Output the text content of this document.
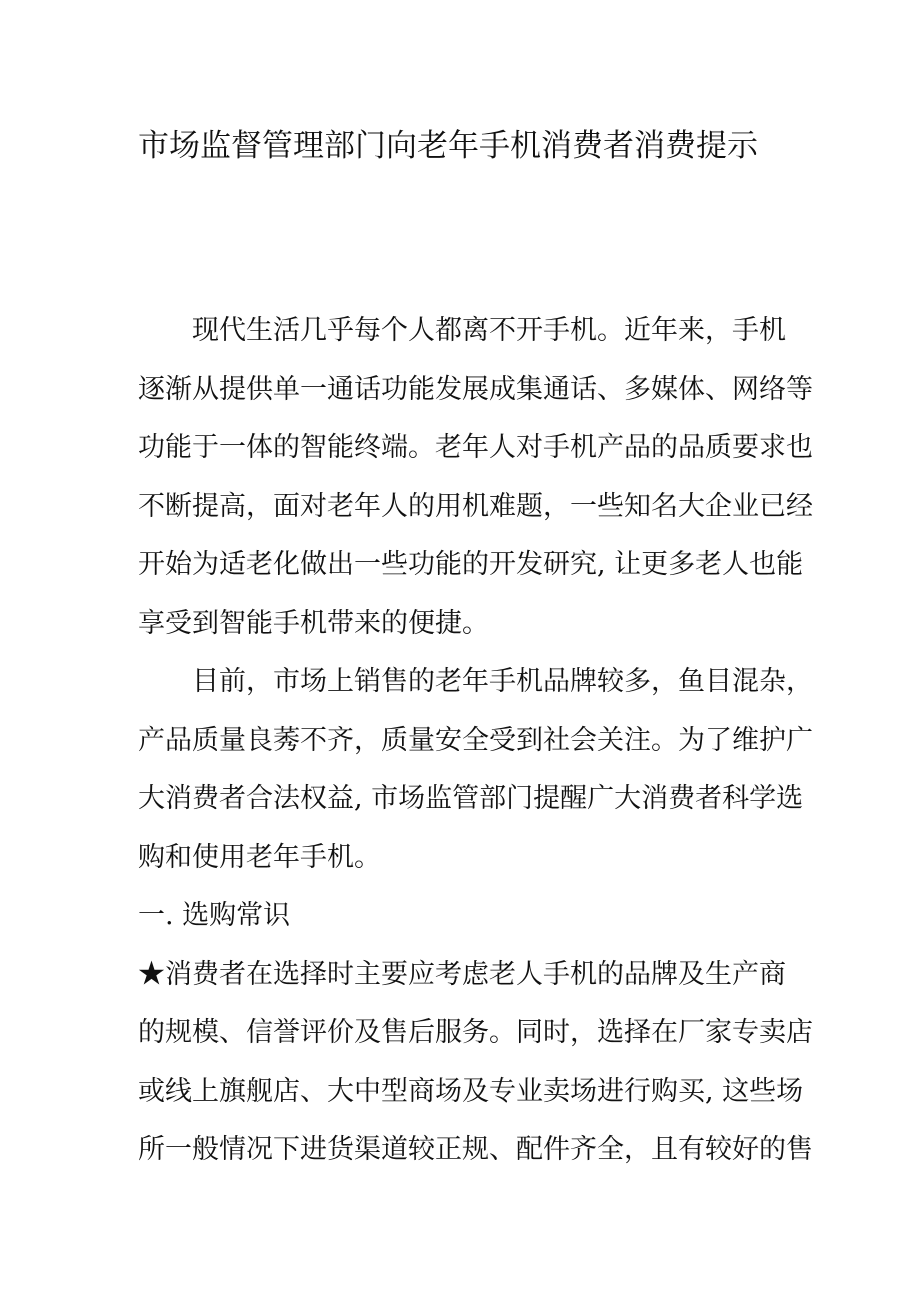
市场监督管理部门向老年手机消费者消费提示

现代生活几乎每个人都离不开手机。近年来，手机
逐渐从提供单一通话功能发展成集通话、多媒体、网络等
功能于一体的智能终端。老年人对手机产品的品质要求也
不断提高，面对老年人的用机难题，一些知名大企业已经
开始为适老化做出一些功能的开发研究, 让更多老人也能
享受到智能手机带来的便捷。

目前，市场上销售的老年手机品牌较多，鱼目混杂，
产品质量良莠不齐，质量安全受到社会关注。为了维护广
大消费者合法权益, 市场监管部门提醒广大消费者科学选
购和使用老年手机。

一. 选购常识

★消费者在选择时主要应考虑老人手机的品牌及生产商
的规模、信誉评价及售后服务。同时，选择在厂家专卖店
或线上旗舰店、大中型商场及专业卖场进行购买, 这些场
所一般情况下进货渠道较正规、配件齐全，且有较好的售
